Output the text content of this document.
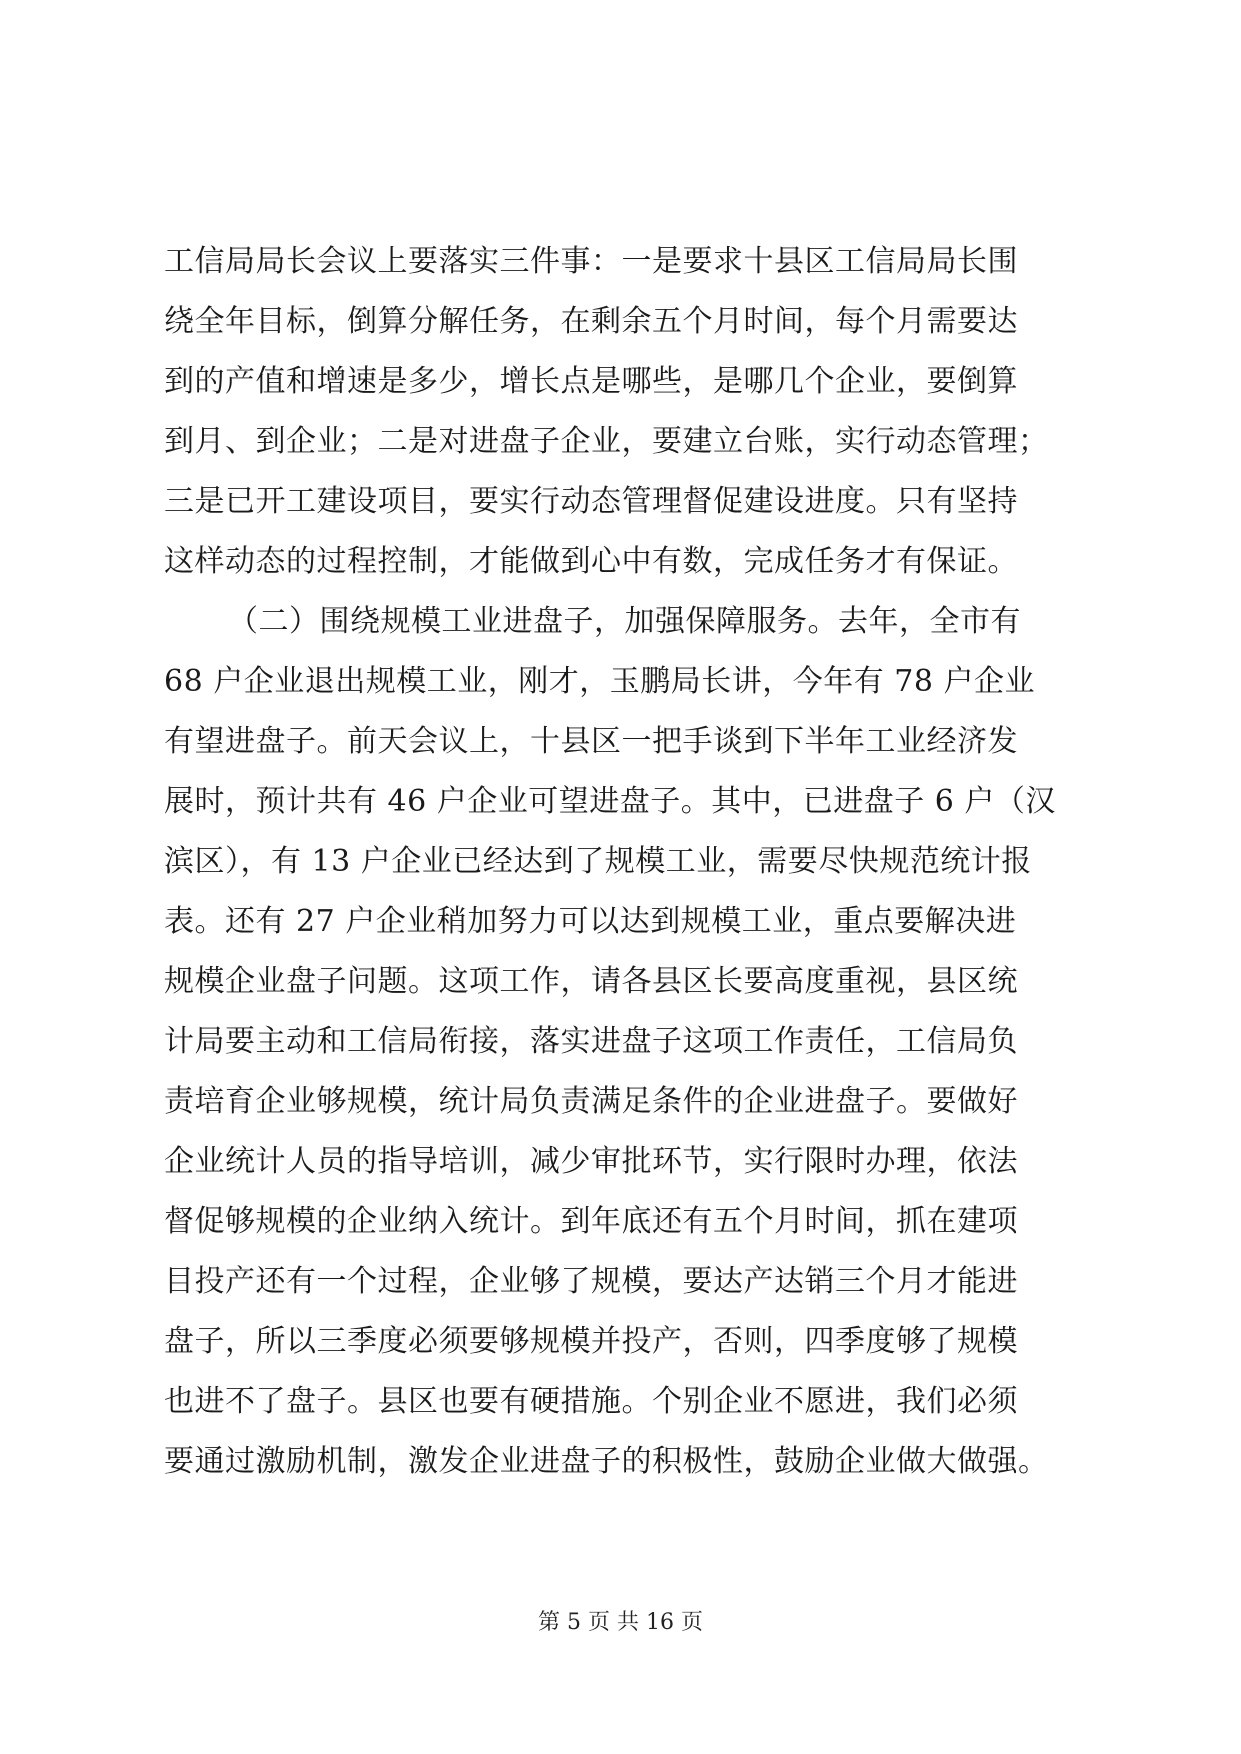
工信局局长会议上要落实三件事：一是要求十县区工信局局长围
绕全年目标，倒算分解任务，在剩余五个月时间，每个月需要达
到的产值和增速是多少，增长点是哪些，是哪几个企业，要倒算
到月、到企业；二是对进盘子企业，要建立台账，实行动态管理；
三是已开工建设项目，要实行动态管理督促建设进度。只有坚持
这样动态的过程控制，才能做到心中有数，完成任务才有保证。
（二）围绕规模工业进盘子，加强保障服务。去年，全市有
68 户企业退出规模工业，刚才，玉鹏局长讲，今年有 78 户企业
有望进盘子。前天会议上，十县区一把手谈到下半年工业经济发
展时，预计共有 46 户企业可望进盘子。其中，已进盘子 6 户（汉
滨区），有 13 户企业已经达到了规模工业，需要尽快规范统计报
表。还有 27 户企业稍加努力可以达到规模工业，重点要解决进
规模企业盘子问题。这项工作，请各县区长要高度重视，县区统
计局要主动和工信局衔接，落实进盘子这项工作责任，工信局负
责培育企业够规模，统计局负责满足条件的企业进盘子。要做好
企业统计人员的指导培训，减少审批环节，实行限时办理，依法
督促够规模的企业纳入统计。到年底还有五个月时间，抓在建项
目投产还有一个过程，企业够了规模，要达产达销三个月才能进
盘子，所以三季度必须要够规模并投产，否则，四季度够了规模
也进不了盘子。县区也要有硬措施。个别企业不愿进，我们必须
要通过激励机制，激发企业进盘子的积极性，鼓励企业做大做强。
第 5 页 共 16 页
